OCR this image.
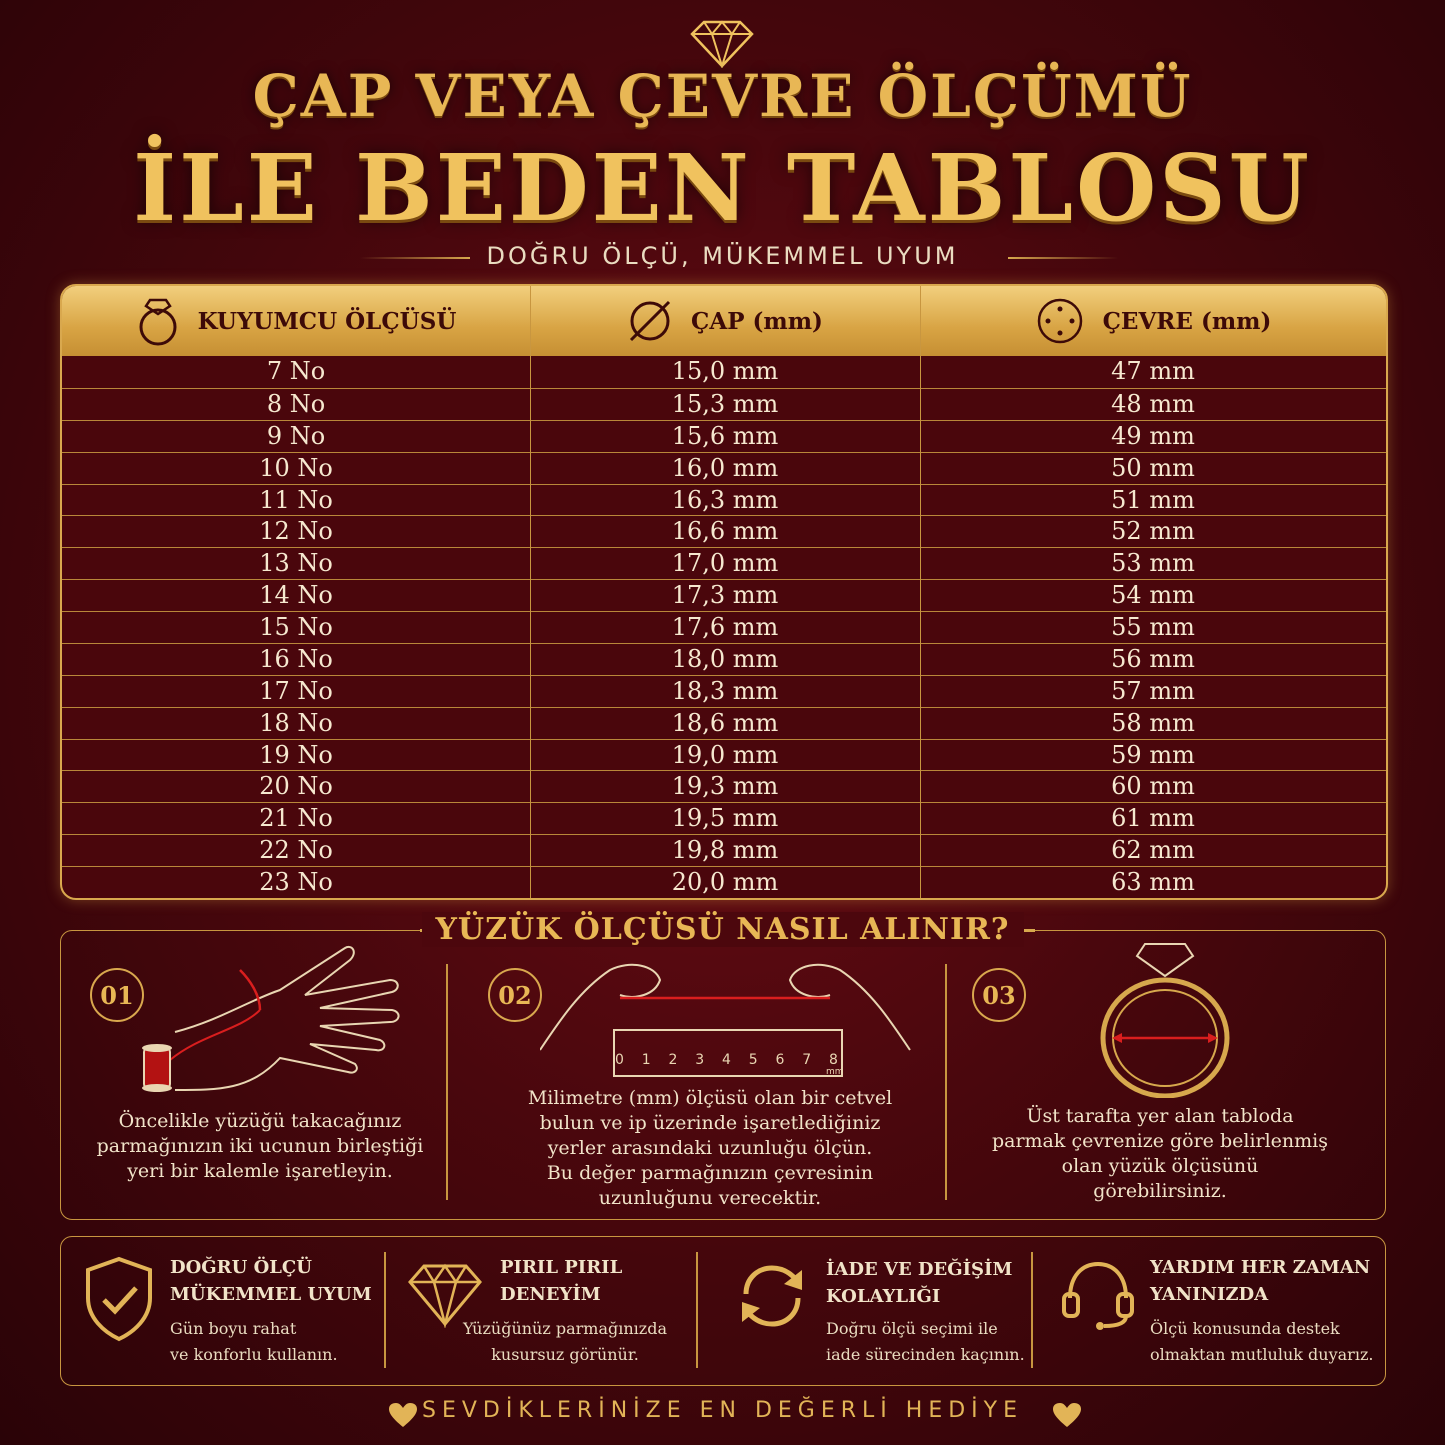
ÇAP VEYA ÇEVRE ÖLÇÜMÜ
İLE BEDEN TABLOSU
DOĞRU ÖLÇÜ, MÜKEMMEL UYUM
KUYUMCU ÖLÇÜSÜ	ÇAP (mm)	ÇEVRE (mm)
7 No	15,0 mm	47 mm
8 No	15,3 mm	48 mm
9 No	15,6 mm	49 mm
10 No	16,0 mm	50 mm
11 No	16,3 mm	51 mm
12 No	16,6 mm	52 mm
13 No	17,0 mm	53 mm
14 No	17,3 mm	54 mm
15 No	17,6 mm	55 mm
16 No	18,0 mm	56 mm
17 No	18,3 mm	57 mm
18 No	18,6 mm	58 mm
19 No	19,0 mm	59 mm
20 No	19,3 mm	60 mm
21 No	19,5 mm	61 mm
22 No	19,8 mm	62 mm
23 No	20,0 mm	63 mm
YÜZÜK ÖLÇÜSÜ NASIL ALINIR?
01
Öncelikle yüzüğü takacağınız
parmağınızın iki ucunun birleştiği
yeri bir kalemle işaretleyin.
02
0 1 2 3 4 5 6 7 8
mm
Milimetre (mm) ölçüsü olan bir cetvel
bulun ve ip üzerinde işaretlediğiniz
yerler arasındaki uzunluğu ölçün.
Bu değer parmağınızın çevresinin
uzunluğunu verecektir.
03
Üst tarafta yer alan tabloda
parmak çevrenize göre belirlenmiş
olan yüzük ölçüsünü
görebilirsiniz.
DOĞRU ÖLÇÜ
MÜKEMMEL UYUM
Gün boyu rahat
ve konforlu kullanın.
PIRIL PIRIL
DENEYİM
Yüzüğünüz parmağınızda
kusursuz görünür.
İADE VE DEĞİŞİM
KOLAYLIĞI
Doğru ölçü seçimi ile
iade sürecinden kaçının.
YARDIM HER ZAMAN
YANINIZDA
Ölçü konusunda destek
olmaktan mutluluk duyarız.
SEVDİKLERİNİZE EN DEĞERLİ HEDİYE
